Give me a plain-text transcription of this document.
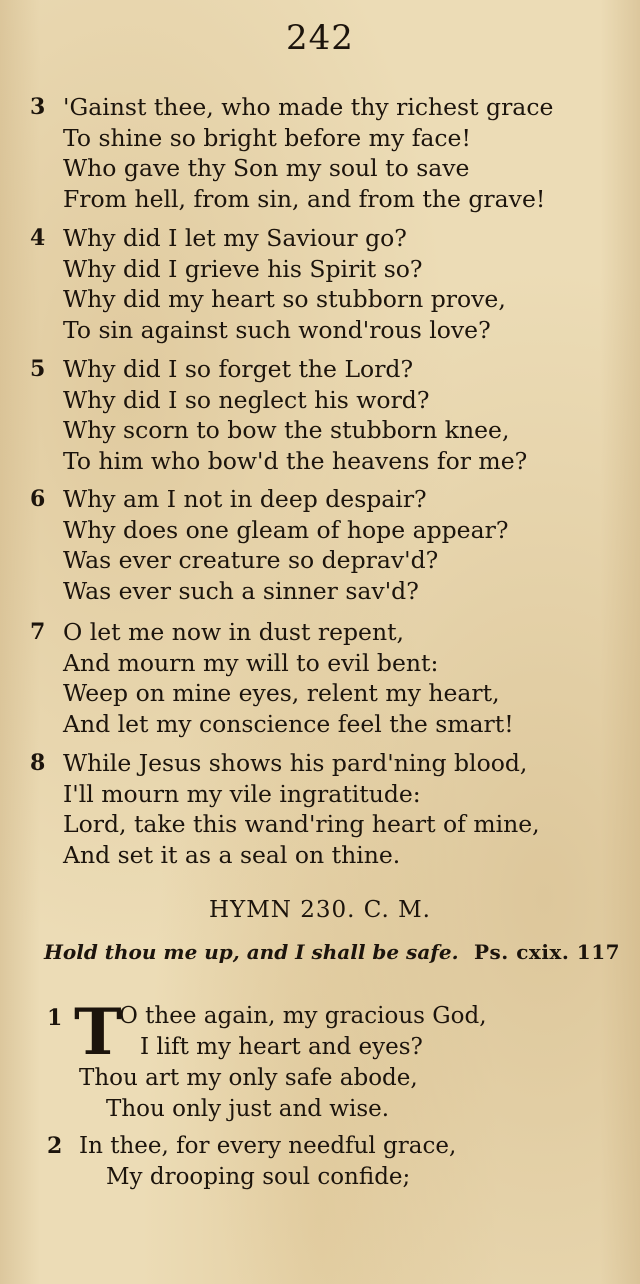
242
3 'Gainst thee, who made thy richest grace
To shine so bright before my face!
Who gave thy Son my soul to save
From hell, from sin, and from the grave!
4 Why did I let my Saviour go?
Why did I grieve his Spirit so?
Why did my heart so stubborn prove,
To sin against such wond'rous love?
5 Why did I so forget the Lord?
Why did I so neglect his word?
Why scorn to bow the stubborn knee,
To him who bow'd the heavens for me?
6 Why am I not in deep despair?
Why does one gleam of hope appear?
Was ever creature so deprav'd?
Was ever such a sinner sav'd?
7 O let me now in dust repent,
And mourn my will to evil bent:
Weep on mine eyes, relent my heart,
And let my conscience feel the smart!
8 While Jesus shows his pard'ning blood,
I'll mourn my vile ingratitude:
Lord, take this wand'ring heart of mine,
And set it as a seal on thine.
HYMN 230. C. M.
Hold thou me up, and I shall be safe. Ps. cxix. 117
1 T
O thee again, my gracious God,
I lift my heart and eyes?
Thou art my only safe abode,
Thou only just and wise.
2 In thee, for every needful grace,
My drooping soul confide;
